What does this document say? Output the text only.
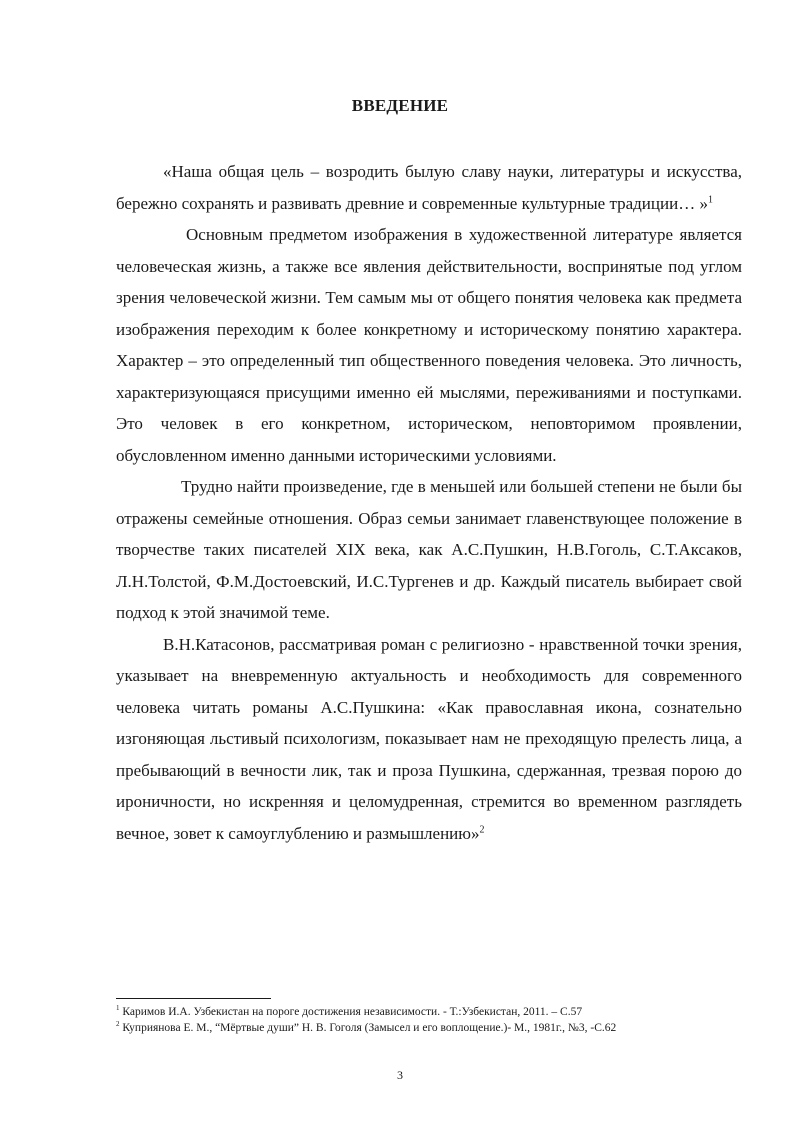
ВВЕДЕНИЕ

«Наша общая цель – возродить былую славу науки, литературы и искусства, бережно сохранять и развивать древние и современные культурные традиции… »$^1$

Основным предметом изображения в художественной литературе является человеческая жизнь, а также все явления действительности, воспринятые под углом зрения человеческой жизни. Тем самым мы от общего понятия человека как предмета изображения переходим к более конкретному и историческому понятию характера. Характер – это определенный тип общественного поведения человека. Это личность, характеризующаяся присущими именно ей мыслями, переживаниями и поступками. Это человек в его конкретном, историческом, неповторимом проявлении, обусловленном именно данными историческими условиями.

Трудно найти произведение, где в меньшей или большей степени не были бы отражены семейные отношения. Образ семьи занимает главенствующее положение в творчестве таких писателей XIX века, как А.С.Пушкин, Н.В.Гоголь, С.Т.Аксаков, Л.Н.Толстой, Ф.М.Достоевский, И.С.Тургенев и др. Каждый писатель выбирает свой подход к этой значимой теме.

В.Н.Катасонов, рассматривая роман с религиозно - нравственной точки зрения, указывает на вневременную актуальность и необходимость для современного человека читать романы А.С.Пушкина: «Как православная икона, сознательно изгоняющая льстивый психологизм, показывает нам не преходящую прелесть лица, а пребывающий в вечности лик, так и проза Пушкина, сдержанная, трезвая порою до ироничности, но искренняя и целомудренная, стремится во временном разглядеть вечное, зовет к самоуглублению и размышлению»$^2$

$^1$ Каримов И.А. Узбекистан на пороге достижения независимости. - Т.:Узбекистан, 2011. – С.57

$^2$ Куприянова Е. М., “Мёртвые души” Н. В. Гоголя (Замысел и его воплощение.)- М., 1981г., №3, -С.62

3
